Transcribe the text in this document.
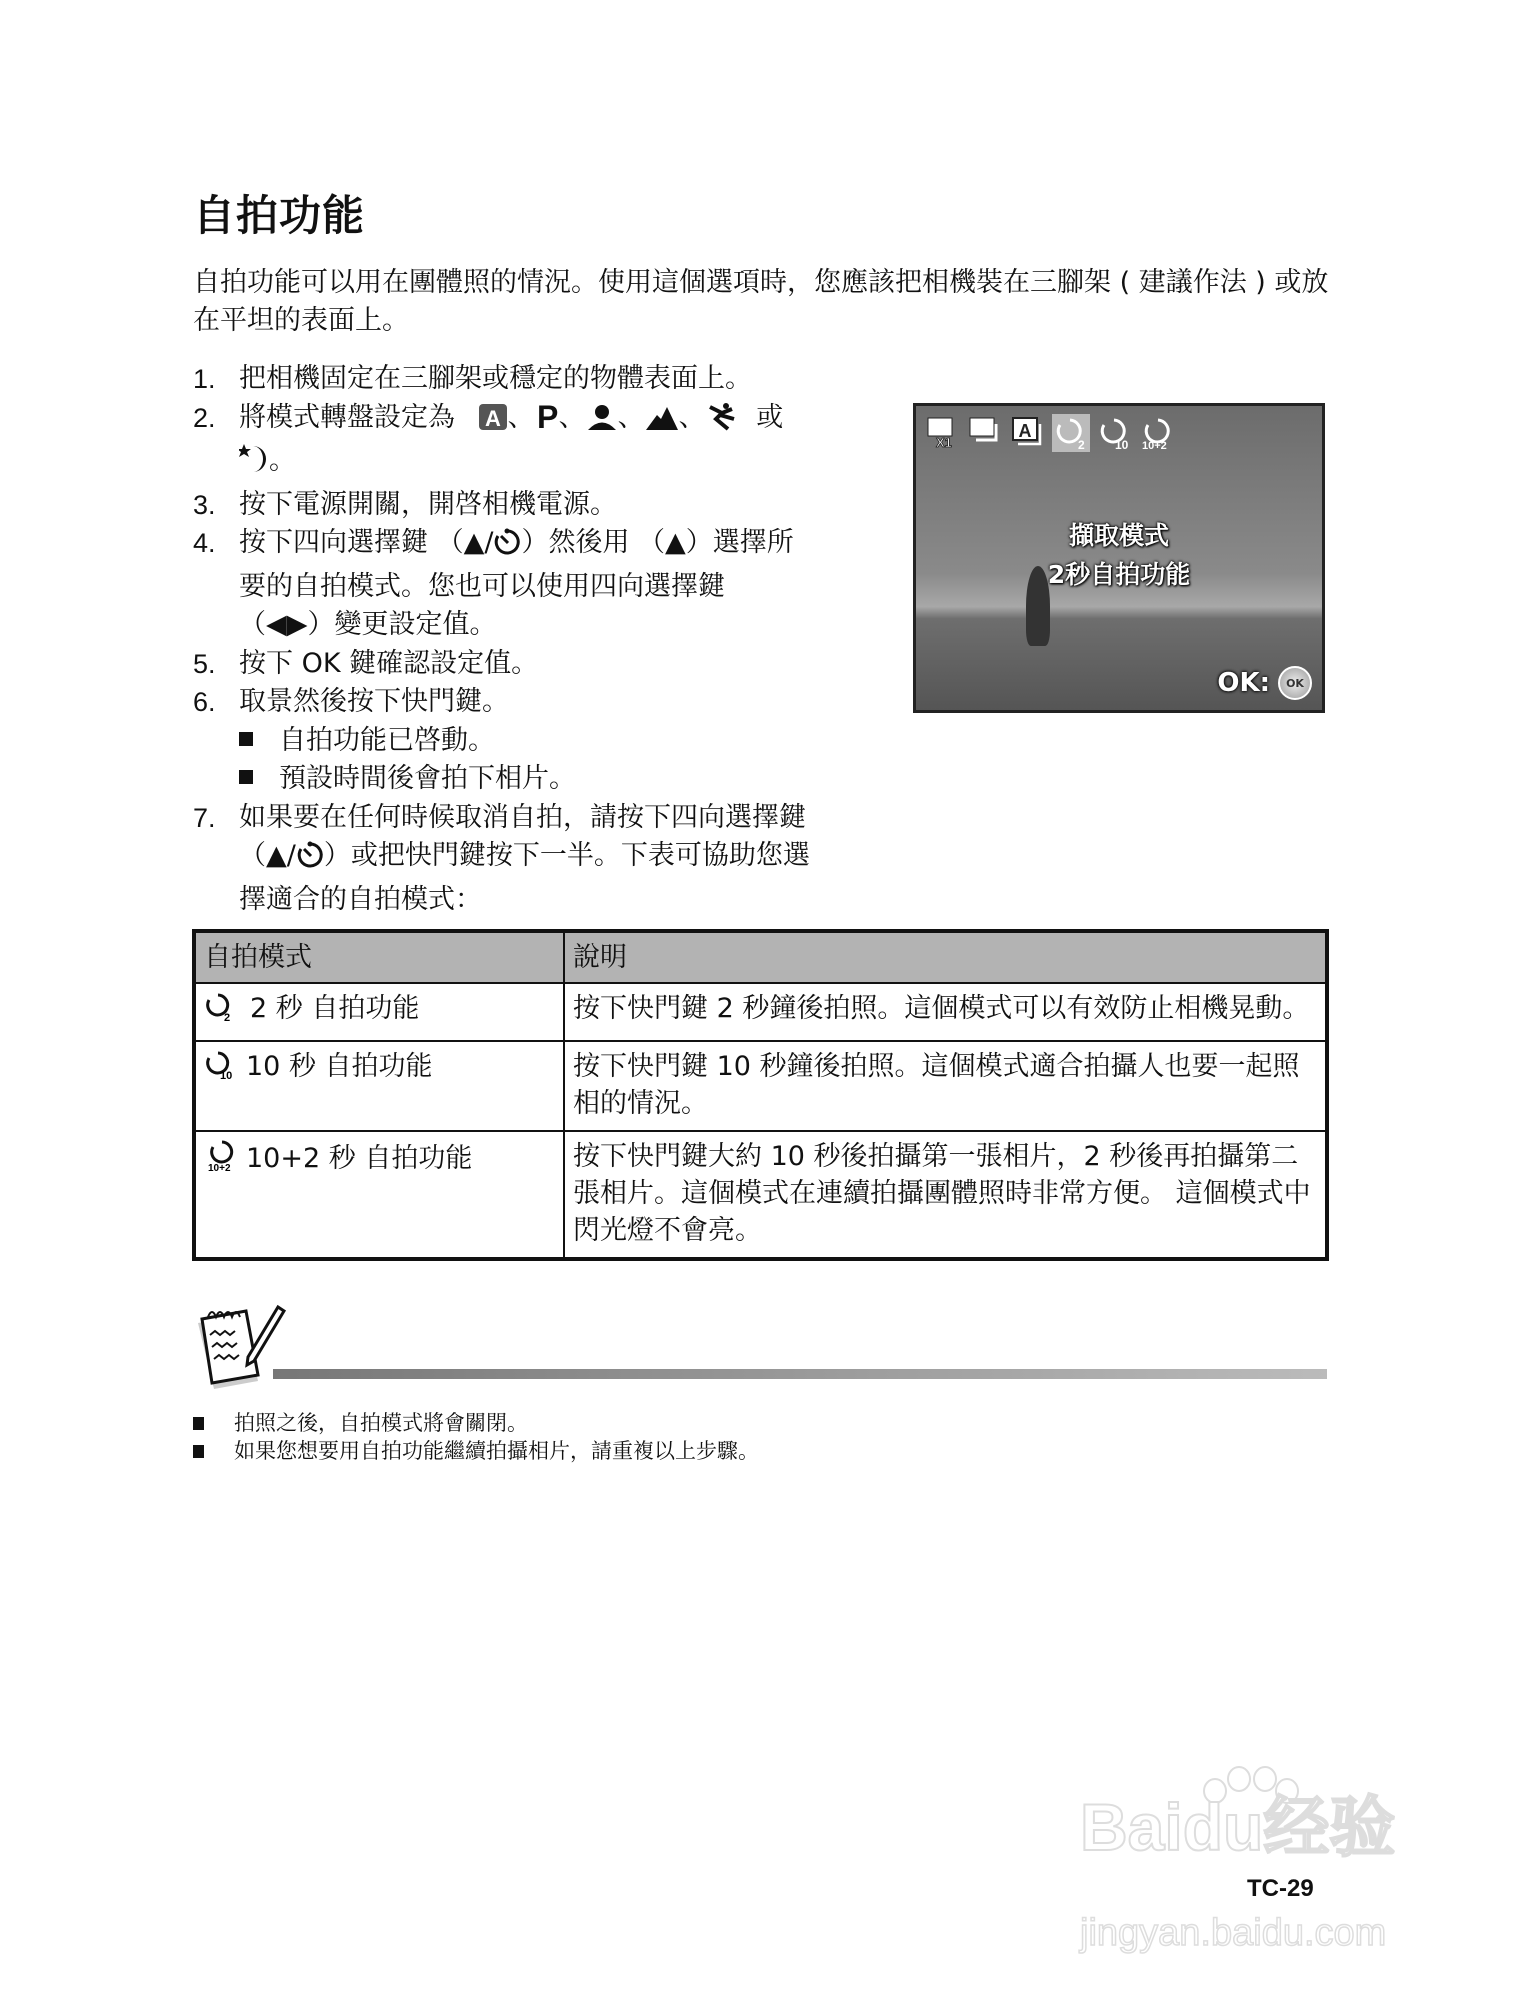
自拍功能
自拍功能可以用在團體照的情況。使用這個選項時，您應該把相機裝在三腳架 ( 建議作法 ) 或放在平坦的表面上。
1. 把相機固定在三腳架或穩定的物體表面上。
2. 將模式轉盤設定為 A 、 P 、 、 、 或
。
3. 按下電源開關，開啓相機電源。
4. 按下四向選擇鍵 （▲/ ）然後用 （▲）選擇所要的自拍模式。您也可以使用四向選擇鍵 （◀▶）變更設定值。
5. 按下 OK 鍵確認設定值。
6. 取景然後按下快門鍵。
自拍功能已啓動。
預設時間後會拍下相片。
7. 如果要在任何時候取消自拍，請按下四向選擇鍵 （▲/ ）或把快門鍵按下一半。下表可協助您選擇適合的自拍模式：
自拍模式	說明

2 2 秒 自拍功能	按下快門鍵 2 秒鐘後拍照。這個模式可以有效防止相機晃動。

10 10 秒 自拍功能	按下快門鍵 10 秒鐘後拍照。這個模式適合拍攝人也要一起照相的情況。

10+2 10+2 秒 自拍功能	按下快門鍵大約 10 秒後拍攝第一張相片，2 秒後再拍攝第二張相片。這個模式在連續拍攝團體照時非常方便。 這個模式中閃光燈不會亮。
拍照之後，自拍模式將會關閉。
如果您想要用自拍功能繼續拍攝相片，請重複以上步驟。
X1
A
2	10 10+2
擷取模式
2秒自拍功能
OK:	OK
Baidu经验
jingyan.baidu.com
TC-29
